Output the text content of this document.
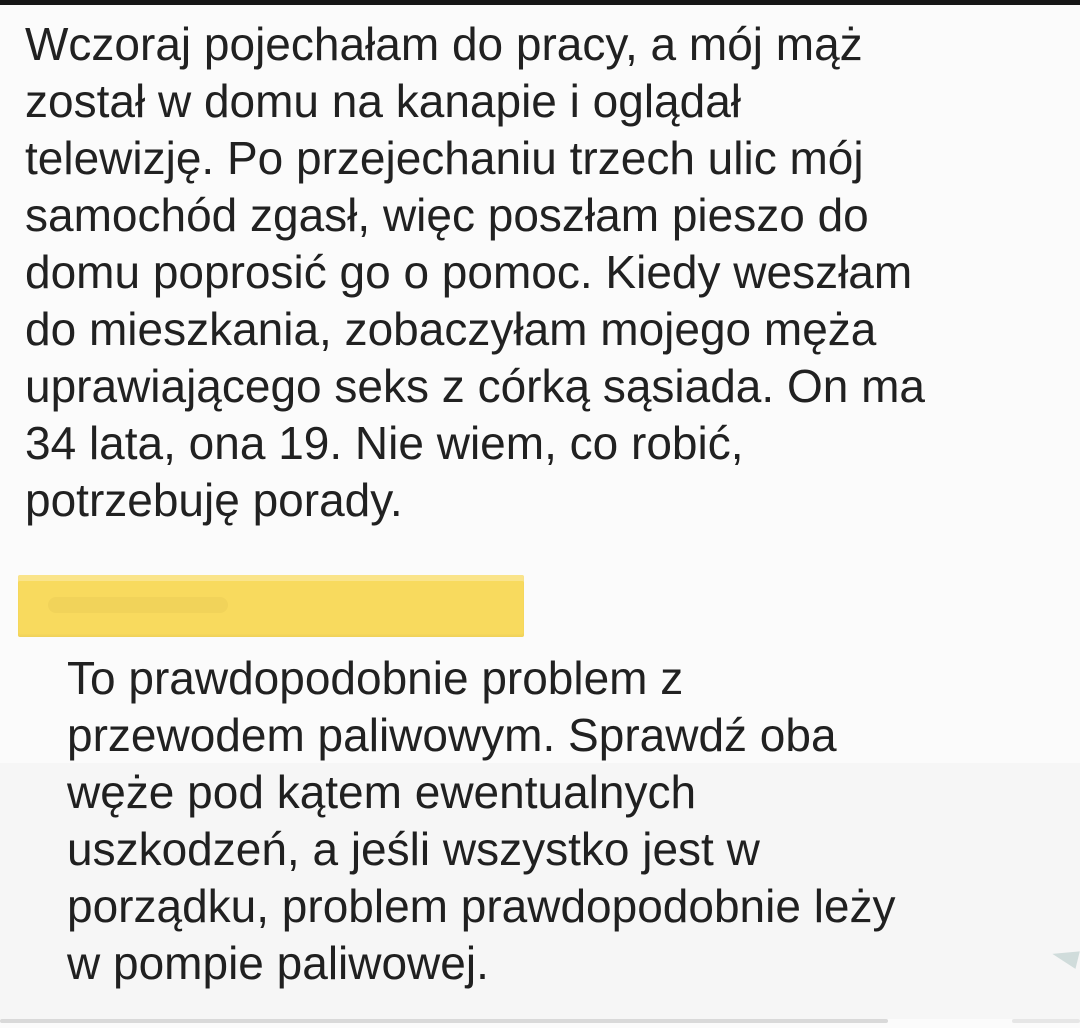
Wczoraj pojechałam do pracy, a mój mąż
został w domu na kanapie i oglądał
telewizję. Po przejechaniu trzech ulic mój
samochód zgasł, więc poszłam pieszo do
domu poprosić go o pomoc. Kiedy weszłam
do mieszkania, zobaczyłam mojego męża
uprawiającego seks z córką sąsiada. On ma
34 lata, ona 19. Nie wiem, co robić,
potrzebuję porady.
To prawdopodobnie problem z
przewodem paliwowym. Sprawdź oba
węże pod kątem ewentualnych
uszkodzeń, a jeśli wszystko jest w
porządku, problem prawdopodobnie leży
w pompie paliwowej.
